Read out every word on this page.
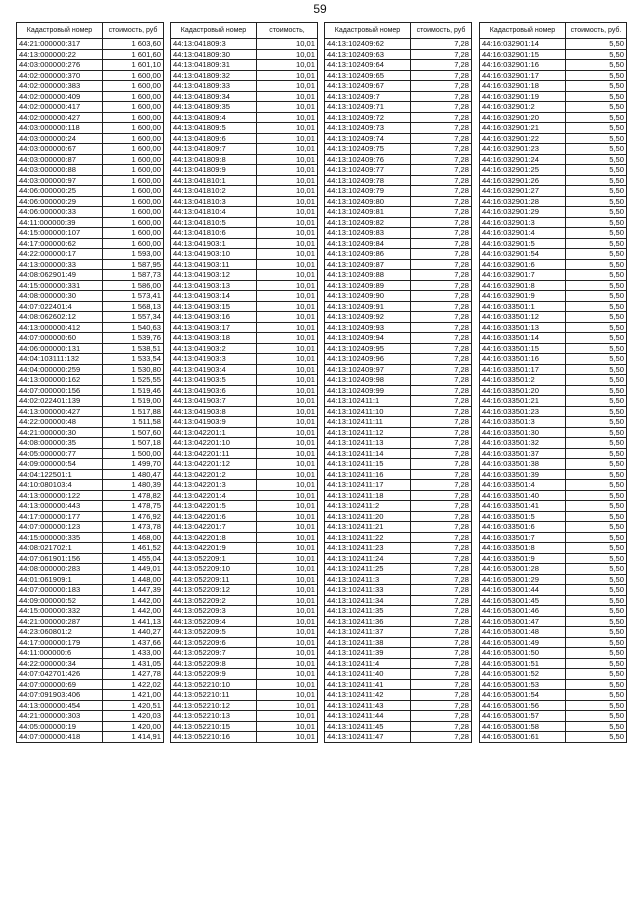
59
Кадастровый номер	стоимость, руб
44:21:000000:317	1 603,60
44:13:000000:22	1 601,60
44:03:000000:276	1 601,10
44:02:000000:370	1 600,00
44:02:000000:383	1 600,00
44:02:000000:409	1 600,00
44:02:000000:417	1 600,00
44:02:000000:427	1 600,00
44:03:000000:118	1 600,00
44:03:000000:24	1 600,00
44:03:000000:67	1 600,00
44:03:000000:87	1 600,00
44:03:000000:88	1 600,00
44:03:000000:97	1 600,00
44:06:000000:25	1 600,00
44:06:000000:29	1 600,00
44:06:000000:33	1 600,00
44:11:000000:39	1 600,00
44:15:000000:107	1 600,00
44:17:000000:62	1 600,00
44:22:000000:17	1 593,00
44:13:000000:33	1 587,95
44:08:062901:49	1 587,73
44:15:000000:331	1 586,00
44:08:000000:30	1 573,41
44:07:022401:4	1 568,13
44:08:062602:12	1 557,34
44:13:000000:412	1 540,63
44:07:000000:60	1 539,76
44:06:000000:131	1 538,51
44:04:103111:132	1 533,54
44:04:000000:259	1 530,80
44:13:000000:162	1 525,55
44:07:000000:156	1 519,46
44:02:022401:139	1 519,00
44:13:000000:427	1 517,88
44:22:000000:48	1 511,58
44:21:000000:30	1 507,60
44:08:000000:35	1 507,18
44:05:000000:77	1 500,00
44:09:000000:54	1 499,70
44:04:122501:1	1 480,47
44:10:080103:4	1 480,39
44:13:000000:122	1 478,82
44:13:000000:443	1 478,75
44:17:000000:177	1 476,92
44:07:000000:123	1 473,78
44:15:000000:335	1 468,00
44:08:021702:1	1 461,52
44:07:061901:156	1 455,04
44:08:000000:283	1 449,01
44:01:061909:1	1 448,00
44:07:000000:183	1 447,39
44:09:000000:52	1 442,00
44:15:000000:332	1 442,00
44:21:000000:287	1 441,13
44:23:060801:2	1 440,27
44:17:000000:179	1 437,66
44:11:000000:6	1 433,00
44:22:000000:34	1 431,05
44:07:042701:426	1 427,78
44:07:000000:69	1 422,02
44:07:091903:406	1 421,00
44:13:000000:454	1 420,51
44:21:000000:303	1 420,03
44:05:000000:19	1 420,00
44:07:000000:418	1 414,91
Кадастровый номер	стоимость,
44:13:041809:3	10,01
44:13:041809:30	10,01
44:13:041809:31	10,01
44:13:041809:32	10,01
44:13:041809:33	10,01
44:13:041809:34	10,01
44:13:041809:35	10,01
44:13:041809:4	10,01
44:13:041809:5	10,01
44:13:041809:6	10,01
44:13:041809:7	10,01
44:13:041809:8	10,01
44:13:041809:9	10,01
44:13:041810:1	10,01
44:13:041810:2	10,01
44:13:041810:3	10,01
44:13:041810:4	10,01
44:13:041810:5	10,01
44:13:041810:6	10,01
44:13:041903:1	10,01
44:13:041903:10	10,01
44:13:041903:11	10,01
44:13:041903:12	10,01
44:13:041903:13	10,01
44:13:041903:14	10,01
44:13:041903:15	10,01
44:13:041903:16	10,01
44:13:041903:17	10,01
44:13:041903:18	10,01
44:13:041903:2	10,01
44:13:041903:3	10,01
44:13:041903:4	10,01
44:13:041903:5	10,01
44:13:041903:6	10,01
44:13:041903:7	10,01
44:13:041903:8	10,01
44:13:041903:9	10,01
44:13:042201:1	10,01
44:13:042201:10	10,01
44:13:042201:11	10,01
44:13:042201:12	10,01
44:13:042201:2	10,01
44:13:042201:3	10,01
44:13:042201:4	10,01
44:13:042201:5	10,01
44:13:042201:6	10,01
44:13:042201:7	10,01
44:13:042201:8	10,01
44:13:042201:9	10,01
44:13:052209:1	10,01
44:13:052209:10	10,01
44:13:052209:11	10,01
44:13:052209:12	10,01
44:13:052209:2	10,01
44:13:052209:3	10,01
44:13:052209:4	10,01
44:13:052209:5	10,01
44:13:052209:6	10,01
44:13:052209:7	10,01
44:13:052209:8	10,01
44:13:052209:9	10,01
44:13:052210:10	10,01
44:13:052210:11	10,01
44:13:052210:12	10,01
44:13:052210:13	10,01
44:13:052210:15	10,01
44:13:052210:16	10,01
Кадастровый номер	стоимость, руб
44:13:102409:62	7,28
44:13:102409:63	7,28
44:13:102409:64	7,28
44:13:102409:65	7,28
44:13:102409:67	7,28
44:13:102409:7	7,28
44:13:102409:71	7,28
44:13:102409:72	7,28
44:13:102409:73	7,28
44:13:102409:74	7,28
44:13:102409:75	7,28
44:13:102409:76	7,28
44:13:102409:77	7,28
44:13:102409:78	7,28
44:13:102409:79	7,28
44:13:102409:80	7,28
44:13:102409:81	7,28
44:13:102409:82	7,28
44:13:102409:83	7,28
44:13:102409:84	7,28
44:13:102409:86	7,28
44:13:102409:87	7,28
44:13:102409:88	7,28
44:13:102409:89	7,28
44:13:102409:90	7,28
44:13:102409:91	7,28
44:13:102409:92	7,28
44:13:102409:93	7,28
44:13:102409:94	7,28
44:13:102409:95	7,28
44:13:102409:96	7,28
44:13:102409:97	7,28
44:13:102409:98	7,28
44:13:102409:99	7,28
44:13:102411:1	7,28
44:13:102411:10	7,28
44:13:102411:11	7,28
44:13:102411:12	7,28
44:13:102411:13	7,28
44:13:102411:14	7,28
44:13:102411:15	7,28
44:13:102411:16	7,28
44:13:102411:17	7,28
44:13:102411:18	7,28
44:13:102411:2	7,28
44:13:102411:20	7,28
44:13:102411:21	7,28
44:13:102411:22	7,28
44:13:102411:23	7,28
44:13:102411:24	7,28
44:13:102411:25	7,28
44:13:102411:3	7,28
44:13:102411:33	7,28
44:13:102411:34	7,28
44:13:102411:35	7,28
44:13:102411:36	7,28
44:13:102411:37	7,28
44:13:102411:38	7,28
44:13:102411:39	7,28
44:13:102411:4	7,28
44:13:102411:40	7,28
44:13:102411:41	7,28
44:13:102411:42	7,28
44:13:102411:43	7,28
44:13:102411:44	7,28
44:13:102411:45	7,28
44:13:102411:47	7,28
Кадастровый номер	стоимость, руб.
44:16:032901:14	5,50
44:16:032901:15	5,50
44:16:032901:16	5,50
44:16:032901:17	5,50
44:16:032901:18	5,50
44:16:032901:19	5,50
44:16:032901:2	5,50
44:16:032901:20	5,50
44:16:032901:21	5,50
44:16:032901:22	5,50
44:16:032901:23	5,50
44:16:032901:24	5,50
44:16:032901:25	5,50
44:16:032901:26	5,50
44:16:032901:27	5,50
44:16:032901:28	5,50
44:16:032901:29	5,50
44:16:032901:3	5,50
44:16:032901:4	5,50
44:16:032901:5	5,50
44:16:032901:54	5,50
44:16:032901:6	5,50
44:16:032901:7	5,50
44:16:032901:8	5,50
44:16:032901:9	5,50
44:16:033501:1	5,50
44:16:033501:12	5,50
44:16:033501:13	5,50
44:16:033501:14	5,50
44:16:033501:15	5,50
44:16:033501:16	5,50
44:16:033501:17	5,50
44:16:033501:2	5,50
44:16:033501:20	5,50
44:16:033501:21	5,50
44:16:033501:23	5,50
44:16:033501:3	5,50
44:16:033501:30	5,50
44:16:033501:32	5,50
44:16:033501:37	5,50
44:16:033501:38	5,50
44:16:033501:39	5,50
44:16:033501:4	5,50
44:16:033501:40	5,50
44:16:033501:41	5,50
44:16:033501:5	5,50
44:16:033501:6	5,50
44:16:033501:7	5,50
44:16:033501:8	5,50
44:16:033501:9	5,50
44:16:053001:28	5,50
44:16:053001:29	5,50
44:16:053001:44	5,50
44:16:053001:45	5,50
44:16:053001:46	5,50
44:16:053001:47	5,50
44:16:053001:48	5,50
44:16:053001:49	5,50
44:16:053001:50	5,50
44:16:053001:51	5,50
44:16:053001:52	5,50
44:16:053001:53	5,50
44:16:053001:54	5,50
44:16:053001:56	5,50
44:16:053001:57	5,50
44:16:053001:58	5,50
44:16:053001:61	5,50
